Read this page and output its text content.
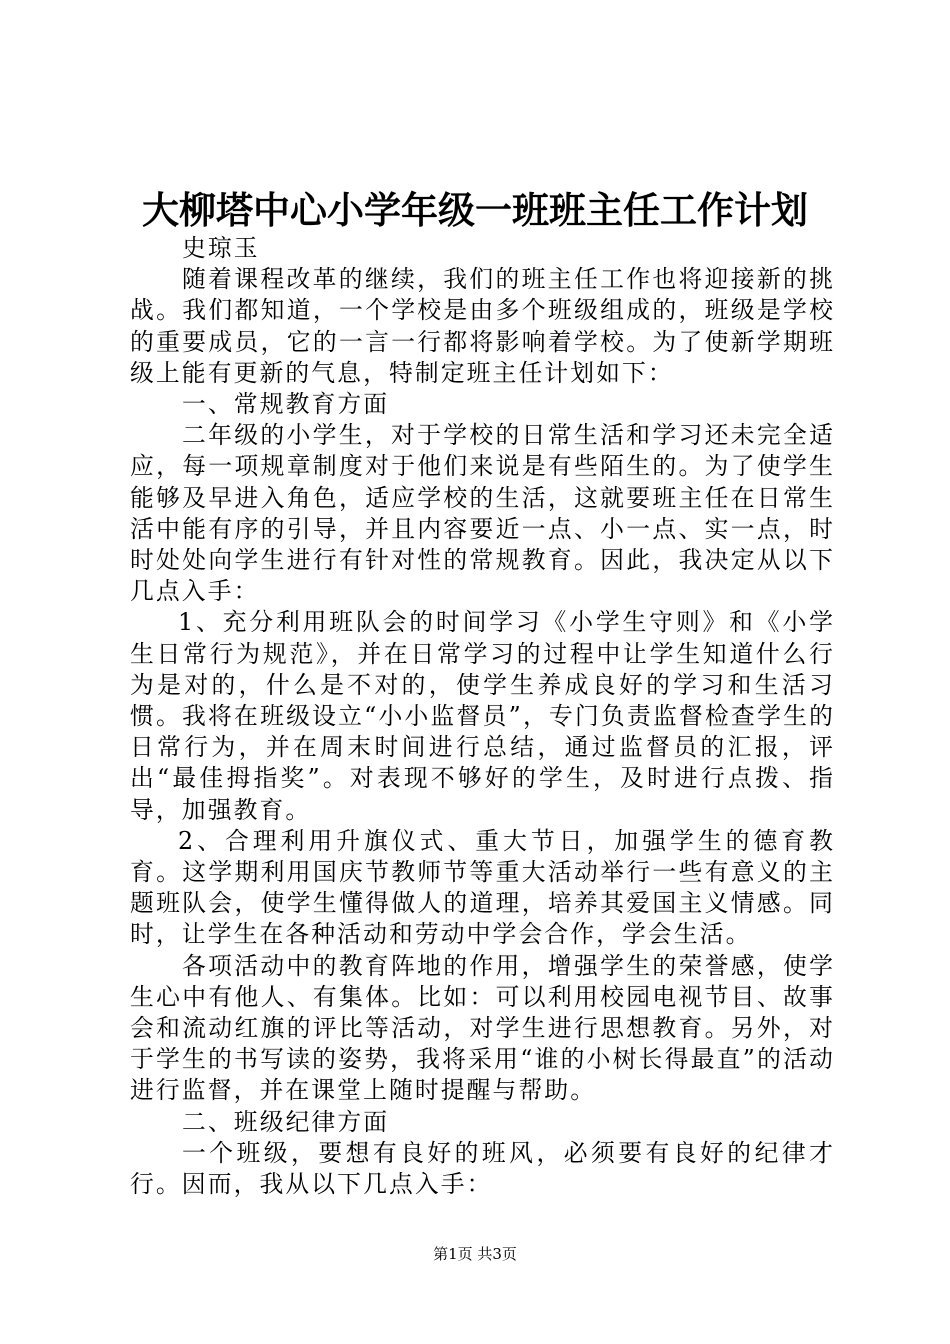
大柳塔中心小学年级一班班主任工作计划

史琼玉

随着课程改革的继续，我们的班主任工作也将迎接新的挑战。我们都知道，一个学校是由多个班级组成的，班级是学校的重要成员，它的一言一行都将影响着学校。为了使新学期班级上能有更新的气息，特制定班主任计划如下：

一、常规教育方面

二年级的小学生，对于学校的日常生活和学习还未完全适应，每一项规章制度对于他们来说是有些陌生的。为了使学生能够及早进入角色，适应学校的生活，这就要班主任在日常生活中能有序的引导，并且内容要近一点、小一点、实一点，时时处处向学生进行有针对性的常规教育。因此，我决定从以下几点入手：

1、充分利用班队会的时间学习《小学生守则》和《小学生日常行为规范》，并在日常学习的过程中让学生知道什么行为是对的，什么是不对的，使学生养成良好的学习和生活习惯。我将在班级设立“小小监督员”，专门负责监督检查学生的日常行为，并在周末时间进行总结，通过监督员的汇报，评出“最佳拇指奖”。对表现不够好的学生，及时进行点拨、指导，加强教育。

2、合理利用升旗仪式、重大节日，加强学生的德育教育。这学期利用国庆节教师节等重大活动举行一些有意义的主题班队会，使学生懂得做人的道理，培养其爱国主义情感。同时，让学生在各种活动和劳动中学会合作，学会生活。

各项活动中的教育阵地的作用，增强学生的荣誉感，使学生心中有他人、有集体。比如：可以利用校园电视节目、故事会和流动红旗的评比等活动，对学生进行思想教育。另外，对于学生的书写读的姿势，我将采用“谁的小树长得最直”的活动进行监督，并在课堂上随时提醒与帮助。

二、班级纪律方面

一个班级，要想有良好的班风，必须要有良好的纪律才行。因而，我从以下几点入手：

第1页 共3页
